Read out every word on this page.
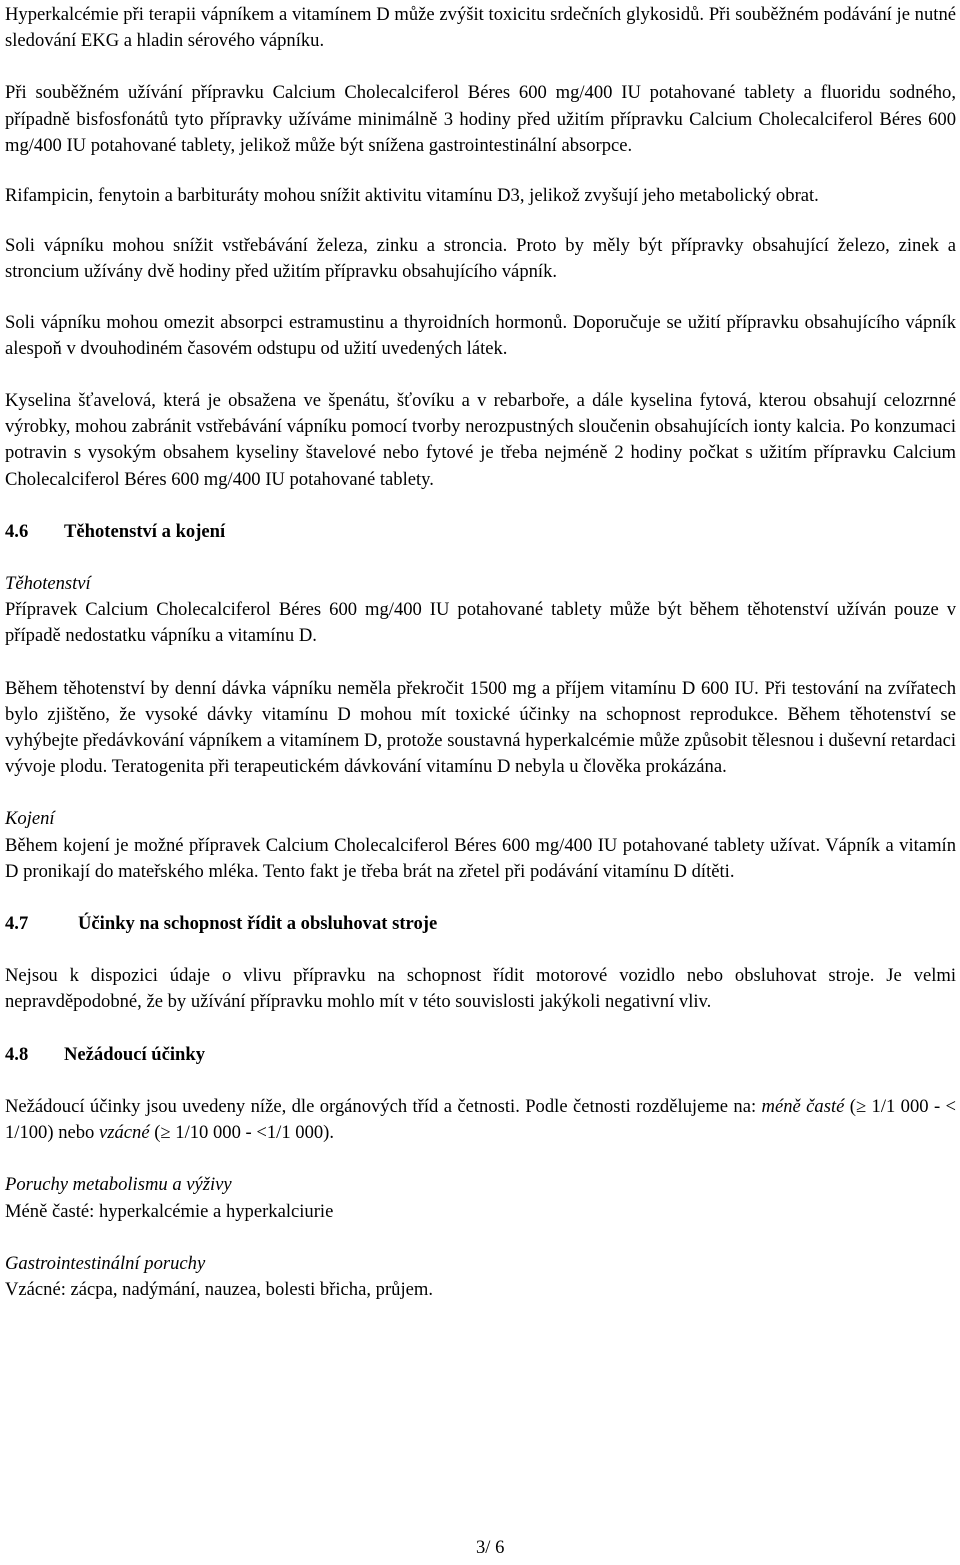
Hyperkalcémie při terapii vápníkem a vitamínem D může zvýšit toxicitu srdečních glykosidů. Při souběžném podávání je nutné sledování EKG a hladin sérového vápníku.

Při souběžném užívání přípravku Calcium Cholecalciferol Béres 600 mg/400 IU potahované tablety a fluoridu sodného, případně bisfosfonátů tyto přípravky užíváme minimálně 3 hodiny před užitím přípravku Calcium Cholecalciferol Béres 600 mg/400 IU potahované tablety, jelikož může být snížena gastrointestinální absorpce.

Rifampicin, fenytoin a barbituráty mohou snížit aktivitu vitamínu D3, jelikož zvyšují jeho metabolický obrat.

Soli vápníku mohou snížit vstřebávání železa, zinku a stroncia. Proto by měly být přípravky obsahující železo, zinek a stroncium užívány dvě hodiny před užitím přípravku obsahujícího vápník.

Soli vápníku mohou omezit absorpci estramustinu a thyroidních hormonů. Doporučuje se užití přípravku obsahujícího vápník alespoň v dvouhodiném časovém odstupu od užití uvedených látek.

Kyselina šťavelová, která je obsažena ve špenátu, šťovíku a v rebarboře, a dále kyselina fytová, kterou obsahují celozrnné výrobky, mohou zabránit vstřebávání vápníku pomocí tvorby nerozpustných sloučenin obsahujících ionty kalcia. Po konzumaci potravin s vysokým obsahem kyseliny štavelové nebo fytové je třeba nejméně 2 hodiny počkat s užitím přípravku Calcium Cholecalciferol Béres 600 mg/400 IU potahované tablety.

4.6 Těhotenství a kojení

Těhotenství

Přípravek Calcium Cholecalciferol Béres 600 mg/400 IU potahované tablety může být během těhotenství užíván pouze v případě nedostatku vápníku a vitamínu D.

Během těhotenství by denní dávka vápníku neměla překročit 1500 mg a příjem vitamínu D 600 IU. Při testování na zvířatech bylo zjištěno, že vysoké dávky vitamínu D mohou mít toxické účinky na schopnost reprodukce. Během těhotenství se vyhýbejte předávkování vápníkem a vitamínem D, protože soustavná hyperkalcémie může způsobit tělesnou i duševní retardaci vývoje plodu. Teratogenita při terapeutickém dávkování vitamínu D nebyla u člověka prokázána.

Kojení

Během kojení je možné přípravek Calcium Cholecalciferol Béres 600 mg/400 IU potahované tablety užívat. Vápník a vitamín D pronikají do mateřského mléka. Tento fakt je třeba brát na zřetel při podávání vitamínu D dítěti.

4.7	Účinky na schopnost řídit a obsluhovat stroje

Nejsou k dispozici údaje o vlivu přípravku na schopnost řídit motorové vozidlo nebo obsluhovat stroje. Je velmi nepravděpodobné, že by užívání přípravku mohlo mít v této souvislosti jakýkoli negativní vliv.

4.8 Nežádoucí účinky

Nežádoucí účinky jsou uvedeny níže, dle orgánových tříd a četnosti. Podle četnosti rozdělujeme na: méně časté (≥ 1/1 000 - < 1/100) nebo vzácné (≥ 1/10 000 - <1/1 000).

Poruchy metabolismu a výživy

Méně časté: hyperkalcémie a hyperkalciurie

Gastrointestinální poruchy

Vzácné: zácpa, nadýmání, nauzea, bolesti břicha, průjem.

3/ 6
